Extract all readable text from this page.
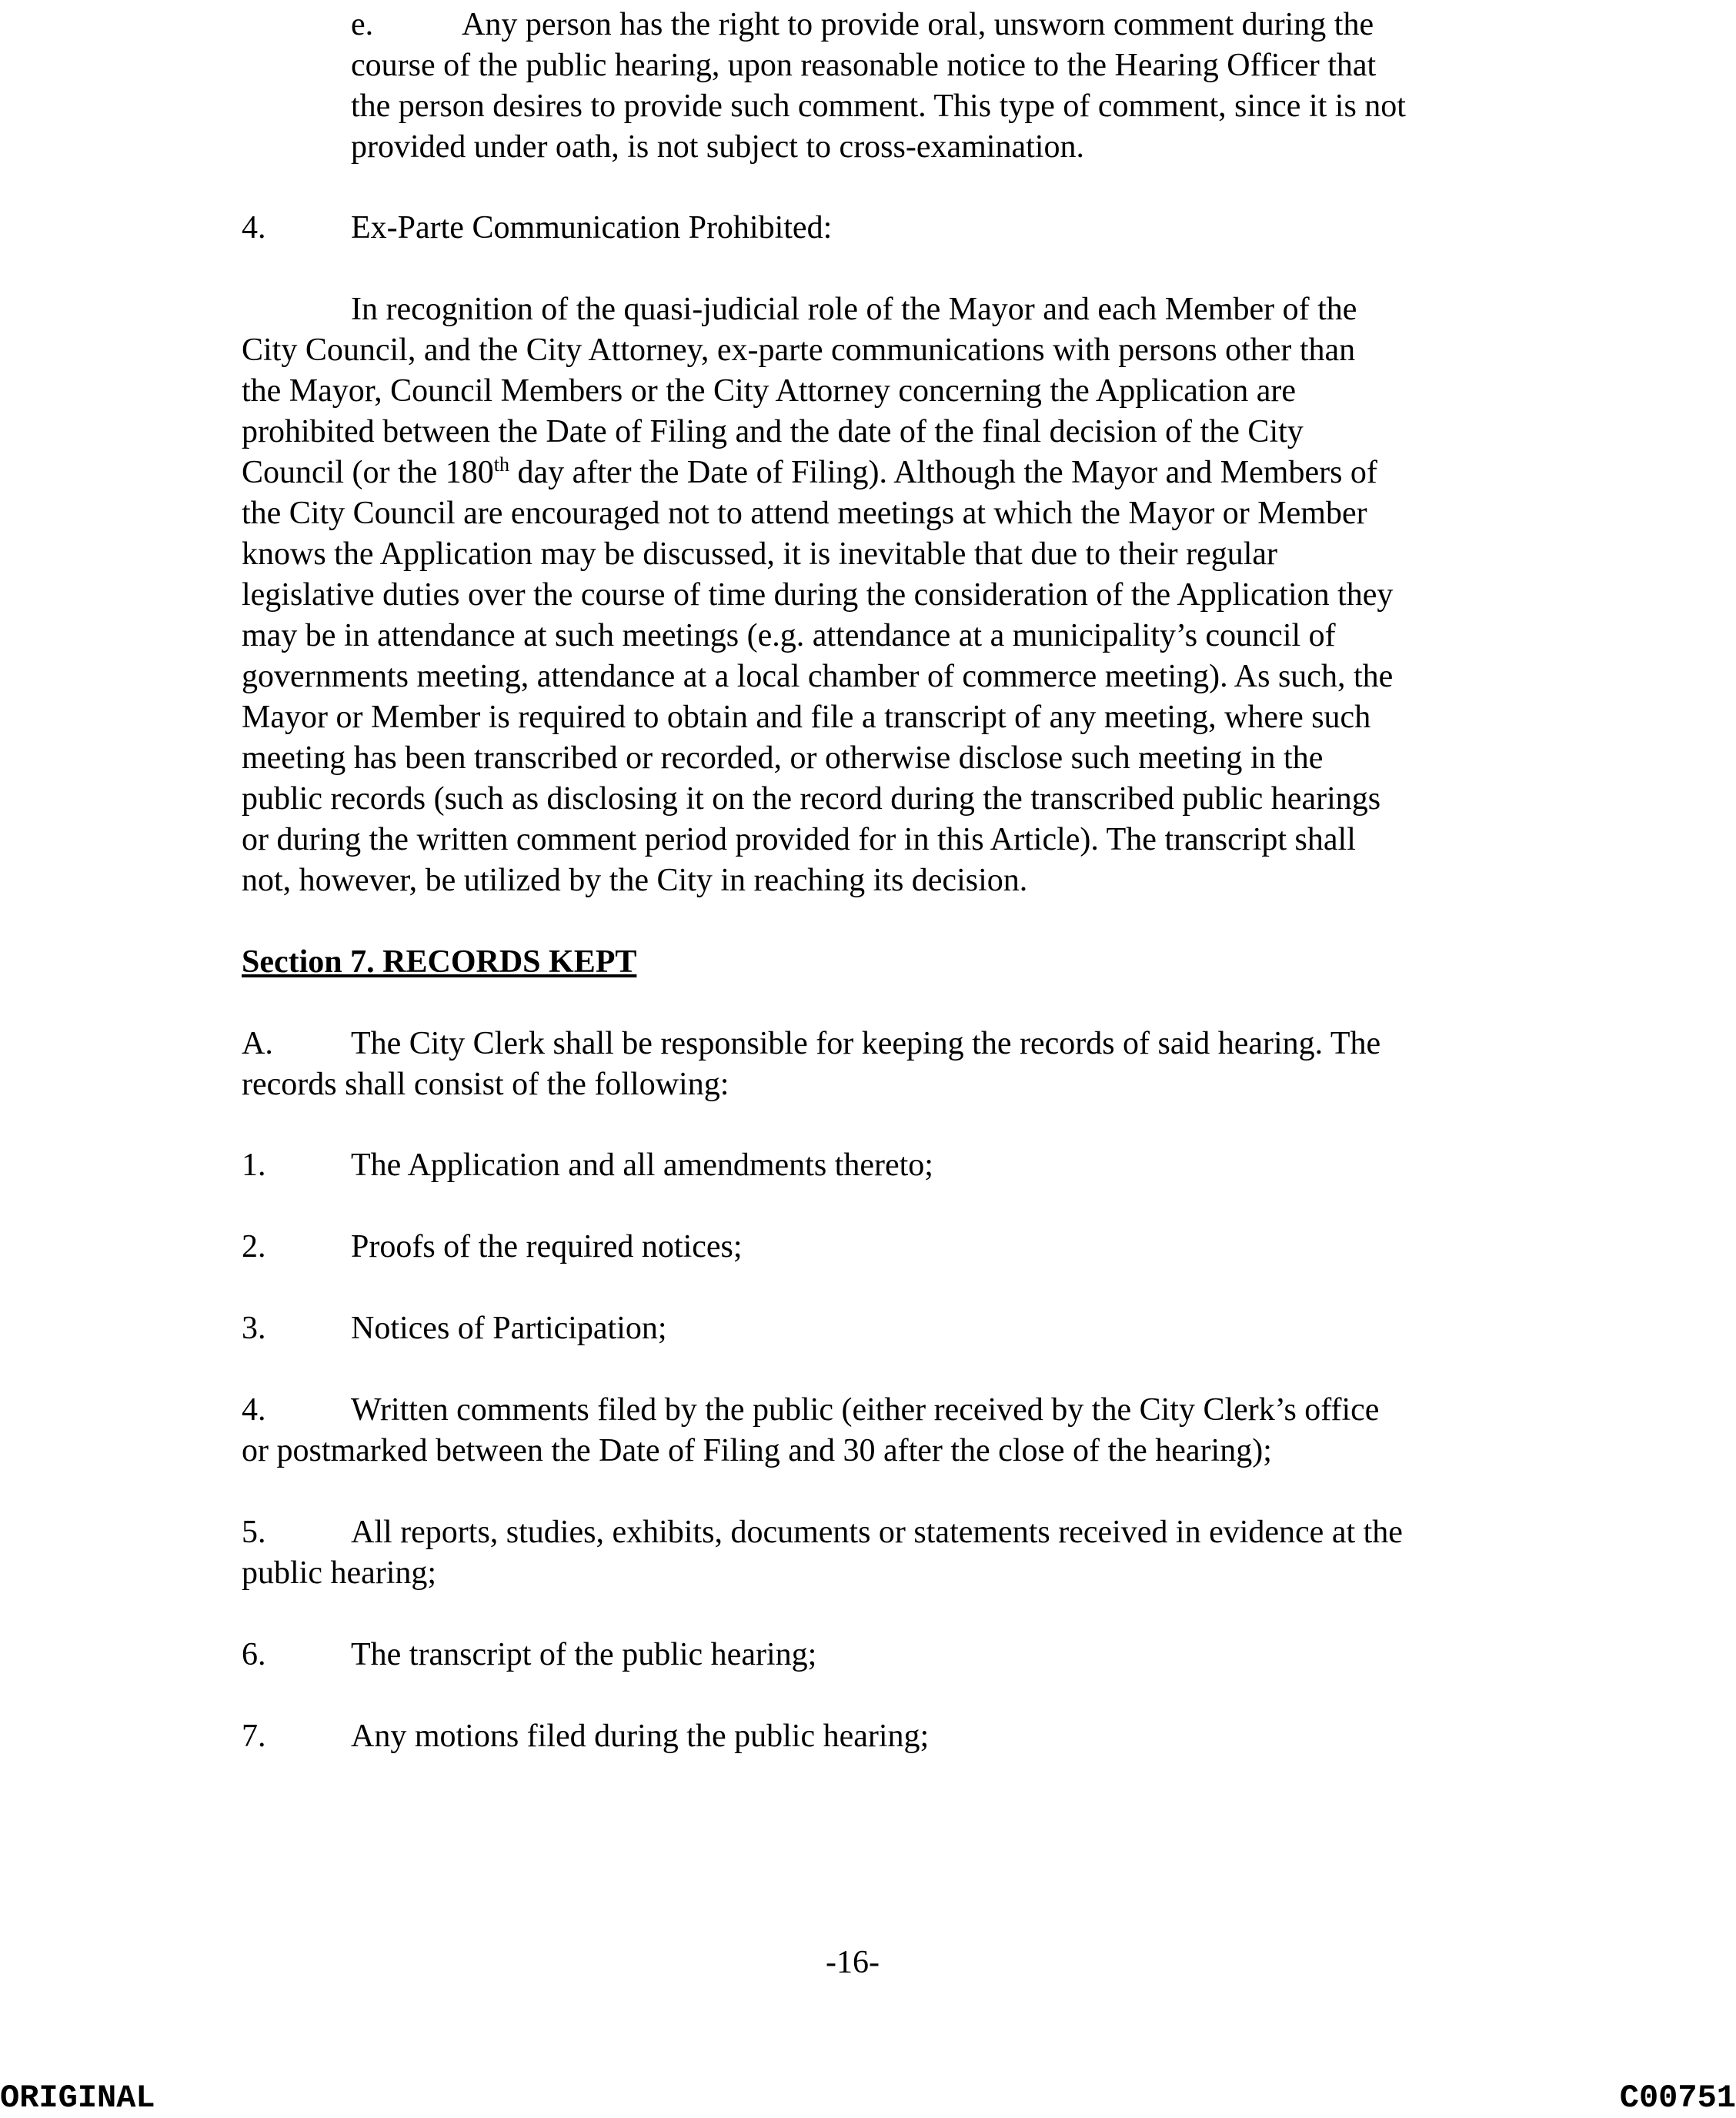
e.	Any person has the right to provide oral, unsworn comment during the
course of the public hearing, upon reasonable notice to the Hearing Officer that
the person desires to provide such comment. This type of comment, since it is not
provided under oath, is not subject to cross-examination.
4.	Ex-Parte Communication Prohibited:
In recognition of the quasi-judicial role of the Mayor and each Member of the
City Council, and the City Attorney, ex-parte communications with persons other than
the Mayor, Council Members or the City Attorney concerning the Application are
prohibited between the Date of Filing and the date of the final decision of the City
Council (or the 180th day after the Date of Filing). Although the Mayor and Members of
the City Council are encouraged not to attend meetings at which the Mayor or Member
knows the Application may be discussed, it is inevitable that due to their regular
legislative duties over the course of time during the consideration of the Application they
may be in attendance at such meetings (e.g. attendance at a municipality’s council of
governments meeting, attendance at a local chamber of commerce meeting). As such, the
Mayor or Member is required to obtain and file a transcript of any meeting, where such
meeting has been transcribed or recorded, or otherwise disclose such meeting in the
public records (such as disclosing it on the record during the transcribed public hearings
or during the written comment period provided for in this Article). The transcript shall
not, however, be utilized by the City in reaching its decision.
Section 7. RECORDS KEPT
A. The City Clerk shall be responsible for keeping the records of said hearing. The
records shall consist of the following:
1.	The Application and all amendments thereto;
2.	Proofs of the required notices;
3.	Notices of Participation;
4.	Written comments filed by the public (either received by the City Clerk’s office
or postmarked between the Date of Filing and 30 after the close of the hearing);
5.	All reports, studies, exhibits, documents or statements received in evidence at the
public hearing;
6.	The transcript of the public hearing;
7.	Any motions filed during the public hearing;
-16-
ORIGINAL	C00751
